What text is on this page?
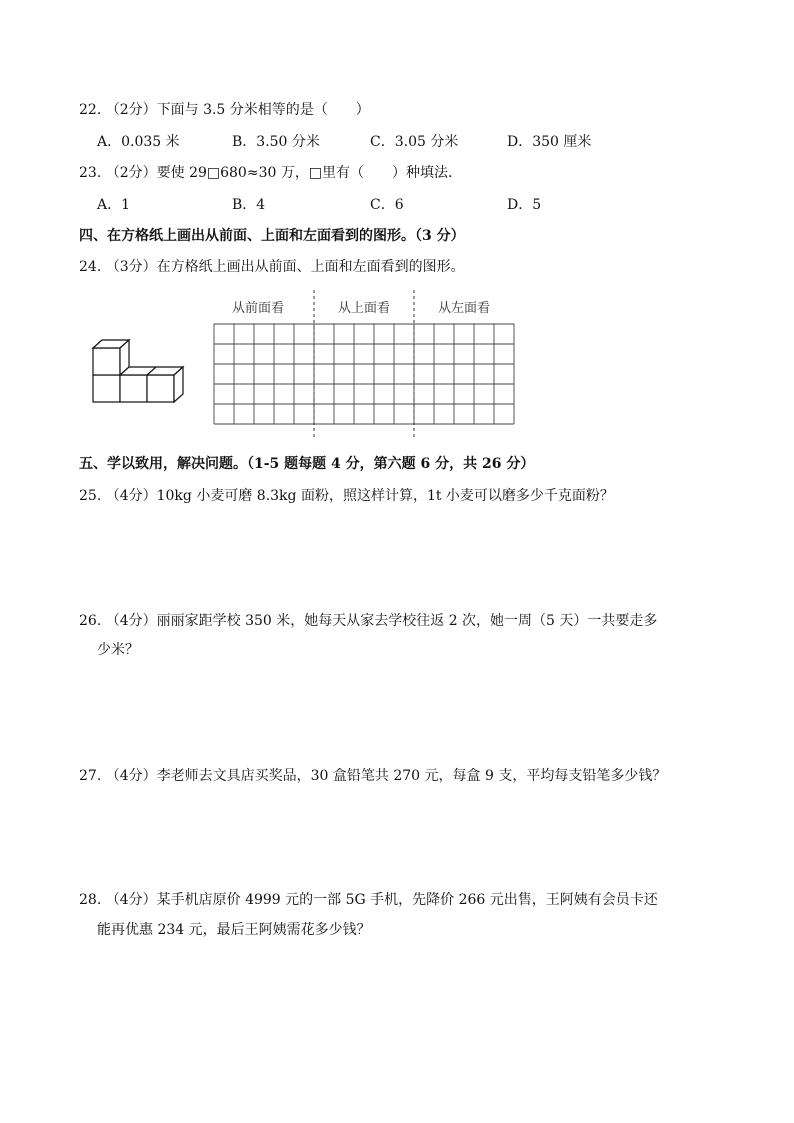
22. （2分）下面与 3.5 分米相等的是（　　）
A．0.035 米	B．3.50 分米	C．3.05 分米	D．350 厘米
23. （2分）要使 29□680≈30 万，□里有（　　）种填法．
A．1	B．4	C．6	D．5
四、在方格纸上画出从前面、上面和左面看到的图形。（3 分）
24. （3分）在方格纸上画出从前面、上面和左面看到的图形。
从前面看	从上面看	从左面看
五、学以致用，解决问题。（1-5 题每题 4 分，第六题 6 分，共 26 分）
25. （4分）10kg 小麦可磨 8.3kg 面粉，照这样计算，1t 小麦可以磨多少千克面粉？
26. （4分）丽丽家距学校 350 米，她每天从家去学校往返 2 次，她一周（5 天）一共要走多
少米？
27. （4分）李老师去文具店买奖品，30 盒铅笔共 270 元，每盒 9 支，平均每支铅笔多少钱？
28. （4分）某手机店原价 4999 元的一部 5G 手机，先降价 266 元出售，王阿姨有会员卡还
能再优惠 234 元，最后王阿姨需花多少钱？
